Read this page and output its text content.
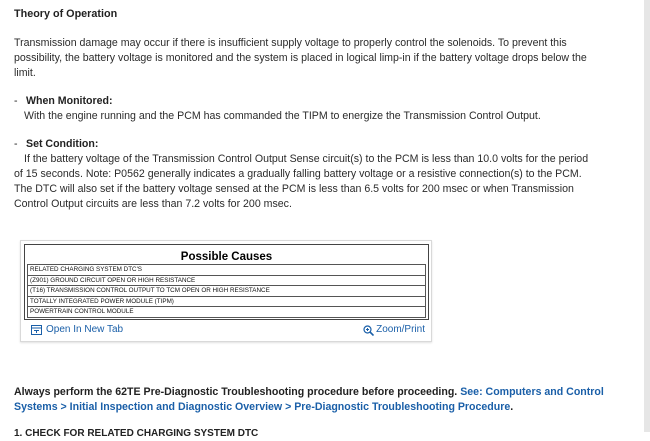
Theory of Operation
Transmission damage may occur if there is insufficient supply voltage to properly control the solenoids. To prevent this possibility, the battery voltage is monitored and the system is placed in logical limp-in if the battery voltage drops below the limit.
- When Monitored:
With the engine running and the PCM has commanded the TIPM to energize the Transmission Control Output.
- Set Condition:
If the battery voltage of the Transmission Control Output Sense circuit(s) to the PCM is less than 10.0 volts for the period of 15 seconds. Note: P0562 generally indicates a gradually falling battery voltage or a resistive connection(s) to the PCM. The DTC will also set if the battery voltage sensed at the PCM is less than 6.5 volts for 200 msec or when Transmission Control Output circuits are less than 7.2 volts for 200 msec.
Always perform the 62TE Pre-Diagnostic Troubleshooting procedure before proceeding. See: Computers and Control Systems > Initial Inspection and Diagnostic Overview > Pre-Diagnostic Troubleshooting Procedure.
1. CHECK FOR RELATED CHARGING SYSTEM DTC
Possible Causes
RELATED CHARGING SYSTEM DTC'S
(Z901) GROUND CIRCUIT OPEN OR HIGH RESISTANCE
(T16) TRANSMISSION CONTROL OUTPUT TO TCM OPEN OR HIGH RESISTANCE
TOTALLY INTEGRATED POWER MODULE (TIPM)
POWERTRAIN CONTROL MODULE
Open In New Tab	Zoom/Print
